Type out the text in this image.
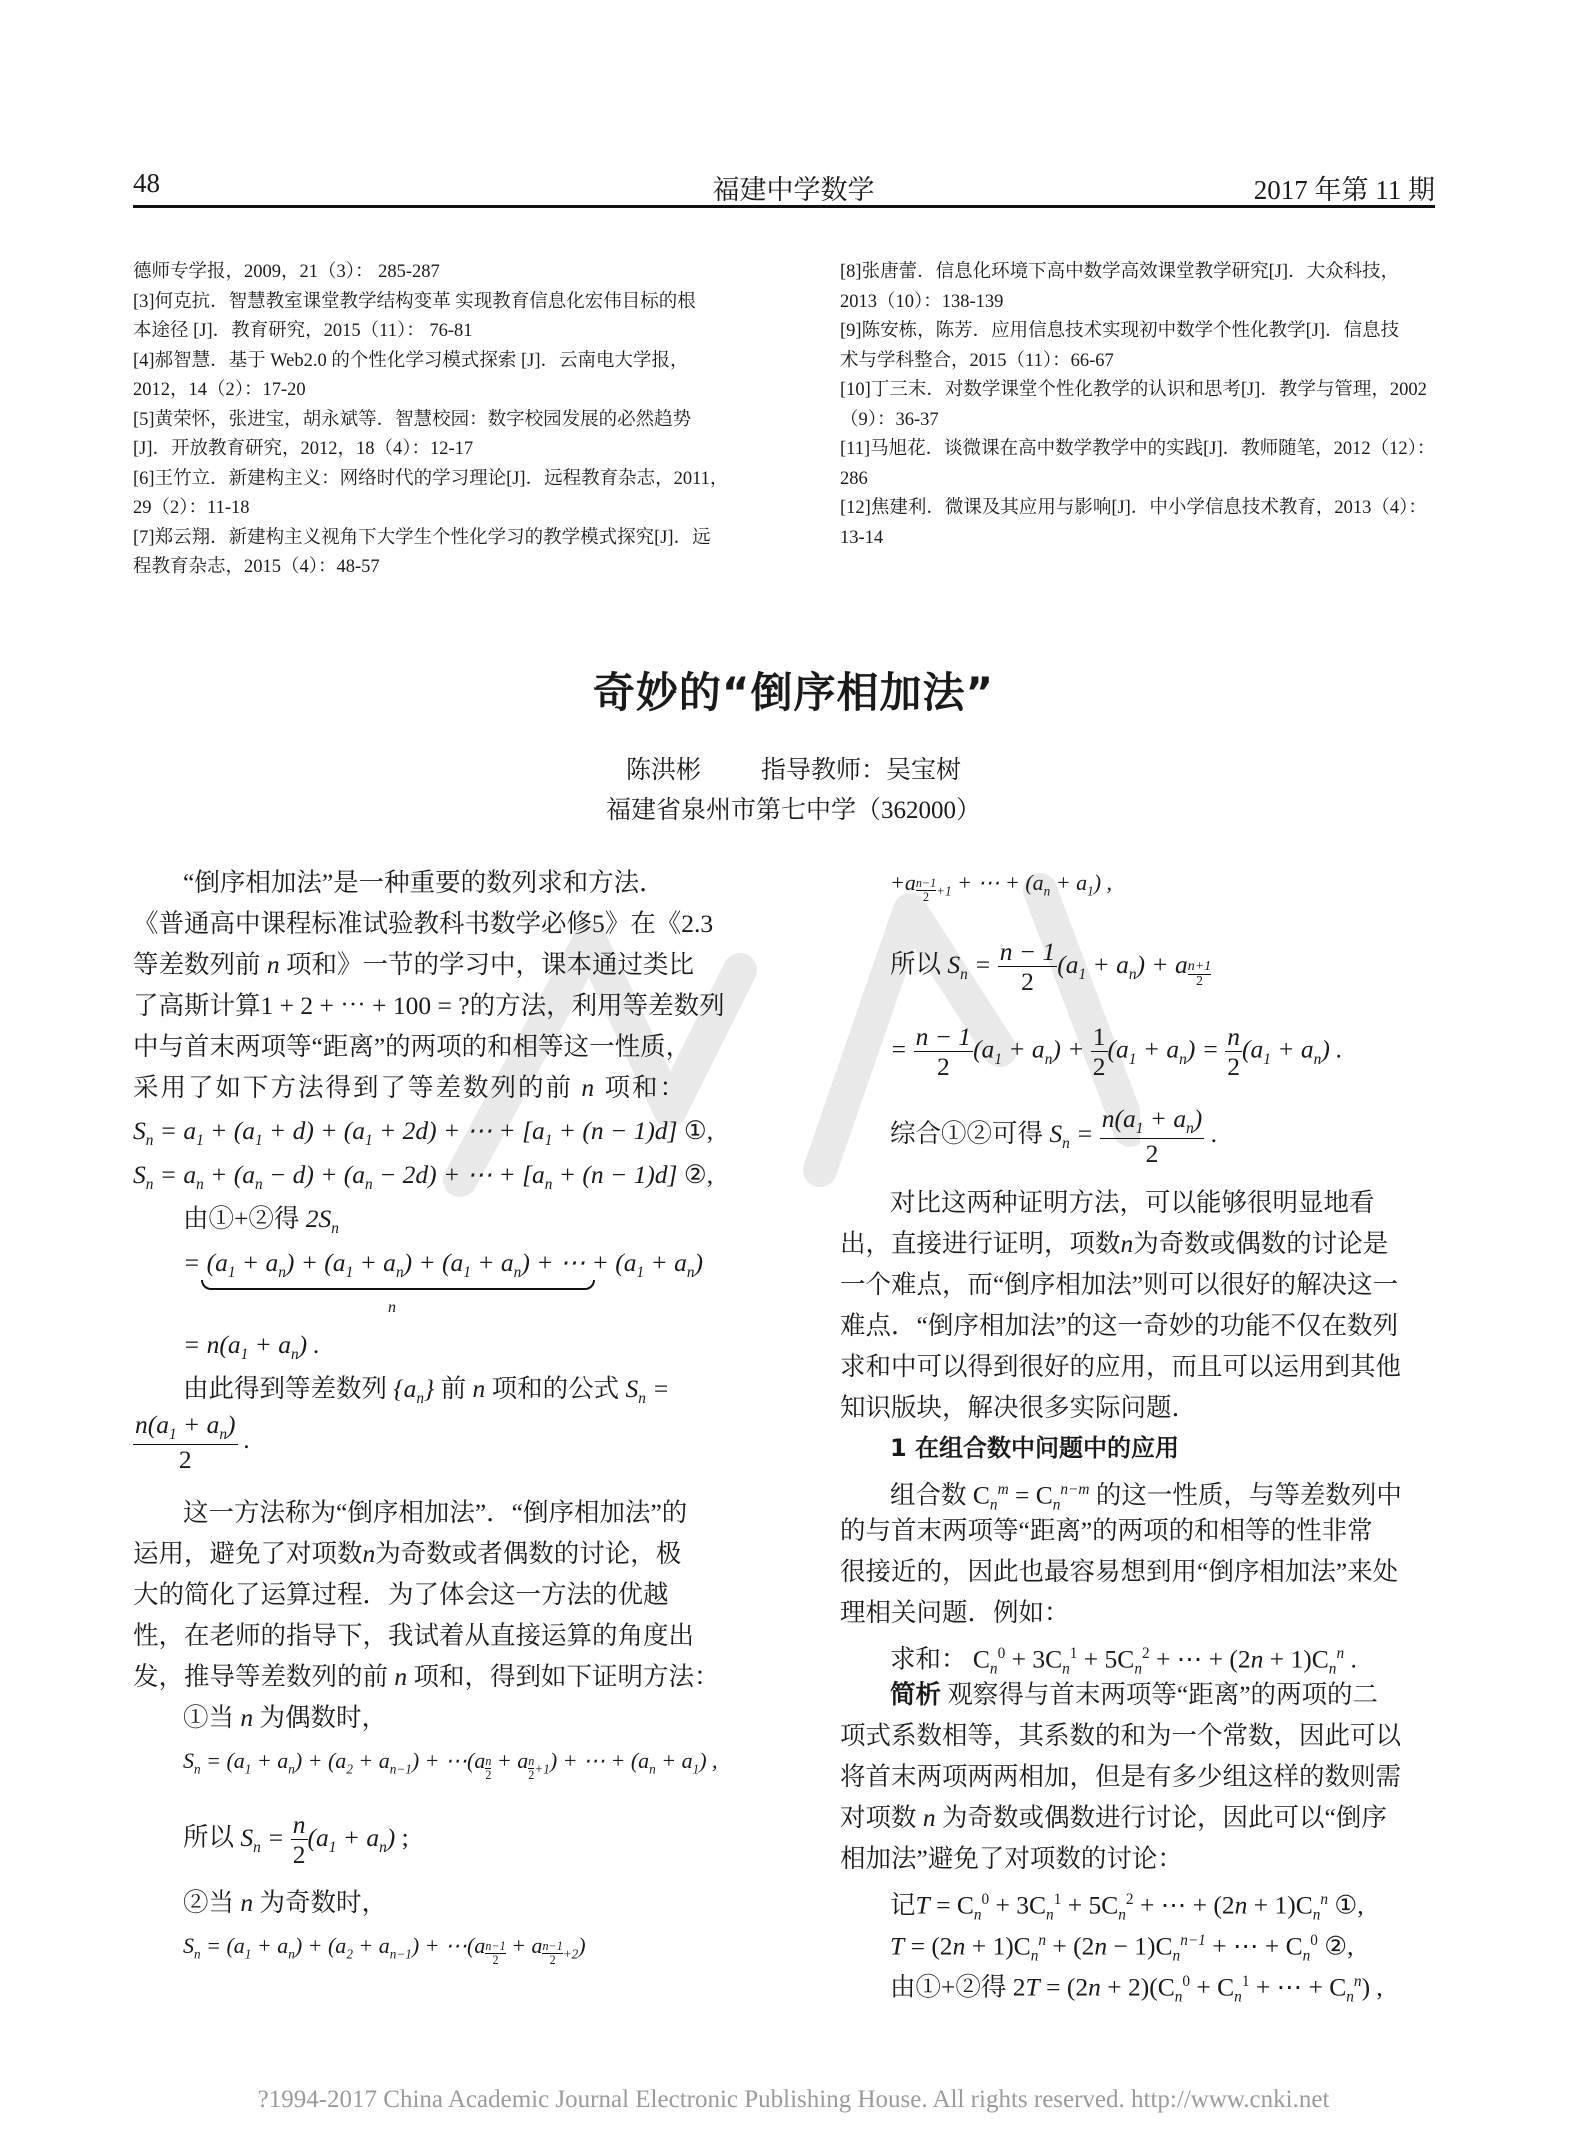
48	福建中学数学	2017 年第 11 期
德师专学报，2009，21（3）： 285-287
[3]何克抗．智慧教室课堂教学结构变革 实现教育信息化宏伟目标的根
本途径 [J]．教育研究，2015（11）： 76-81
[4]郝智慧．基于 Web2.0 的个性化学习模式探索 [J]．云南电大学报，
2012，14（2）：17-20
[5]黄荣怀，张进宝，胡永斌等．智慧校园：数字校园发展的必然趋势
[J]．开放教育研究，2012，18（4）：12-17
[6]王竹立．新建构主义：网络时代的学习理论[J]．远程教育杂志，2011，
29（2）：11-18
[7]郑云翔．新建构主义视角下大学生个性化学习的教学模式探究[J]．远
程教育杂志，2015（4）：48-57
[8]张唐蕾．信息化环境下高中数学高效课堂教学研究[J]．大众科技，
2013（10）：138-139
[9]陈安栋，陈芳．应用信息技术实现初中数学个性化教学[J]．信息技
术与学科整合，2015（11）：66-67
[10]丁三末．对数学课堂个性化教学的认识和思考[J]．教学与管理，2002
（9）：36-37
[11]马旭花．谈微课在高中数学教学中的实践[J]．教师随笔，2012（12）：
286
[12]焦建利．微课及其应用与影响[J]．中小学信息技术教育，2013（4）：
13-14
奇妙的“倒序相加法”
陈洪彬 指导教师：吴宝树
福建省泉州市第七中学（362000）
“倒序相加法”是一种重要的数列求和方法．
《普通高中课程标准试验教科书数学必修5》在《2.3
等差数列前 n 项和》一节的学习中，课本通过类比
了高斯计算1 + 2 + ⋯ + 100 = ?的方法，利用等差数列
中与首末两项等“距离”的两项的和相等这一性质，
采用了如下方法得到了等差数列的前 n 项和：
$S_n = a_1 + (a_1 + d) + (a_1 + 2d)$ + ⋯ + $[a_1 + (n - 1)d]$ ①,
$S_n = a_n + (a_n - d) + (a_n - 2d)$ + ⋯ + $[a_n + (n - 1)d]$ ②,
由①+②得 $2S_n$
= $(a_1 + a_n) + (a_1 + a_n) + (a_1 + a_n)$ + ⋯ + $(a_1 + a_n)$
n
= $n(a_1 + a_n)$ .
由此得到等差数列 $\{a_n\}$ 前 n 项和的公式 $S_n$ =
$\frac{n(a_1 + a_n)}{2}$ .
这一方法称为“倒序相加法”．“倒序相加法”的
运用，避免了对项数n为奇数或者偶数的讨论，极
大的简化了运算过程．为了体会这一方法的优越
性，在老师的指导下，我试着从直接运算的角度出
发，推导等差数列的前 n 项和，得到如下证明方法：
①当 n 为偶数时，
$S_n = (a_1 + a_n) + (a_2 + a_{n-1})$ + ⋯(a $\frac{n}{2} + a \frac{n}{2} _{+1}$) + ⋯ + $(a_n + a_1)$ ,
所以 $S_n = \frac{n}{2} (a_1 + a_n)$ ;
②当 n 为奇数时，
$S_n = (a_1 + a_n) + (a_2 + a_{n-1})$ + ⋯(a $\frac{n-1}{2} + a \frac{n-1}{2} _{+2}$)
$+a \frac{n-1}{2} _{+1}$ + ⋯ + $(a_n + a_1)$ ,
所以 $S_n = \frac{n - 1}{2} (a_1 + a_n) + a \frac{n+1}{2}$
= $\frac{n - 1}{2} (a_1 + a_n) + \frac{1}{2} (a_1 + a_n) = \frac{n}{2} (a_1 + a_n)$ .
综合①②可得 $S_n = \frac{n(a_1 + a_n)}{2}$ .
对比这两种证明方法，可以能够很明显地看
出，直接进行证明，项数n为奇数或偶数的讨论是
一个难点，而“倒序相加法”则可以很好的解决这一
难点．“倒序相加法”的这一奇妙的功能不仅在数列
求和中可以得到很好的应用，而且可以运用到其他
知识版块，解决很多实际问题．
1 在组合数中问题中的应用
组合数 $C_n^m = C_n^{n-m}$ 的这一性质，与等差数列中
的与首末两项等“距离”的两项的和相等的性非常
很接近的，因此也最容易想到用“倒序相加法”来处
理相关问题．例如：
求和： $C_n^0 + 3C_n^1 + 5C_n^2$ + ⋯ + $(2n + 1)C_n^n$ .
简析 观察得与首末两项等“距离”的两项的二
项式系数相等，其系数的和为一个常数，因此可以
将首末两项两两相加，但是有多少组这样的数则需
对项数 n 为奇数或偶数进行讨论，因此可以“倒序
相加法”避免了对项数的讨论：
记$T = C_n^0 + 3C_n^1 + 5C_n^2$ + ⋯ + $(2n + 1)C_n^n$ ①,
$T = (2n + 1)C_n^n + (2n - 1)C_n^{n-1}$ + ⋯ + $C_n^0$ ②,
由①+②得 $2T = (2n + 2)(C_n^0 + C_n^1$ + ⋯ + $C_n^n$) ,
?1994-2017 China Academic Journal Electronic Publishing House. All rights reserved. http://www.cnki.net
